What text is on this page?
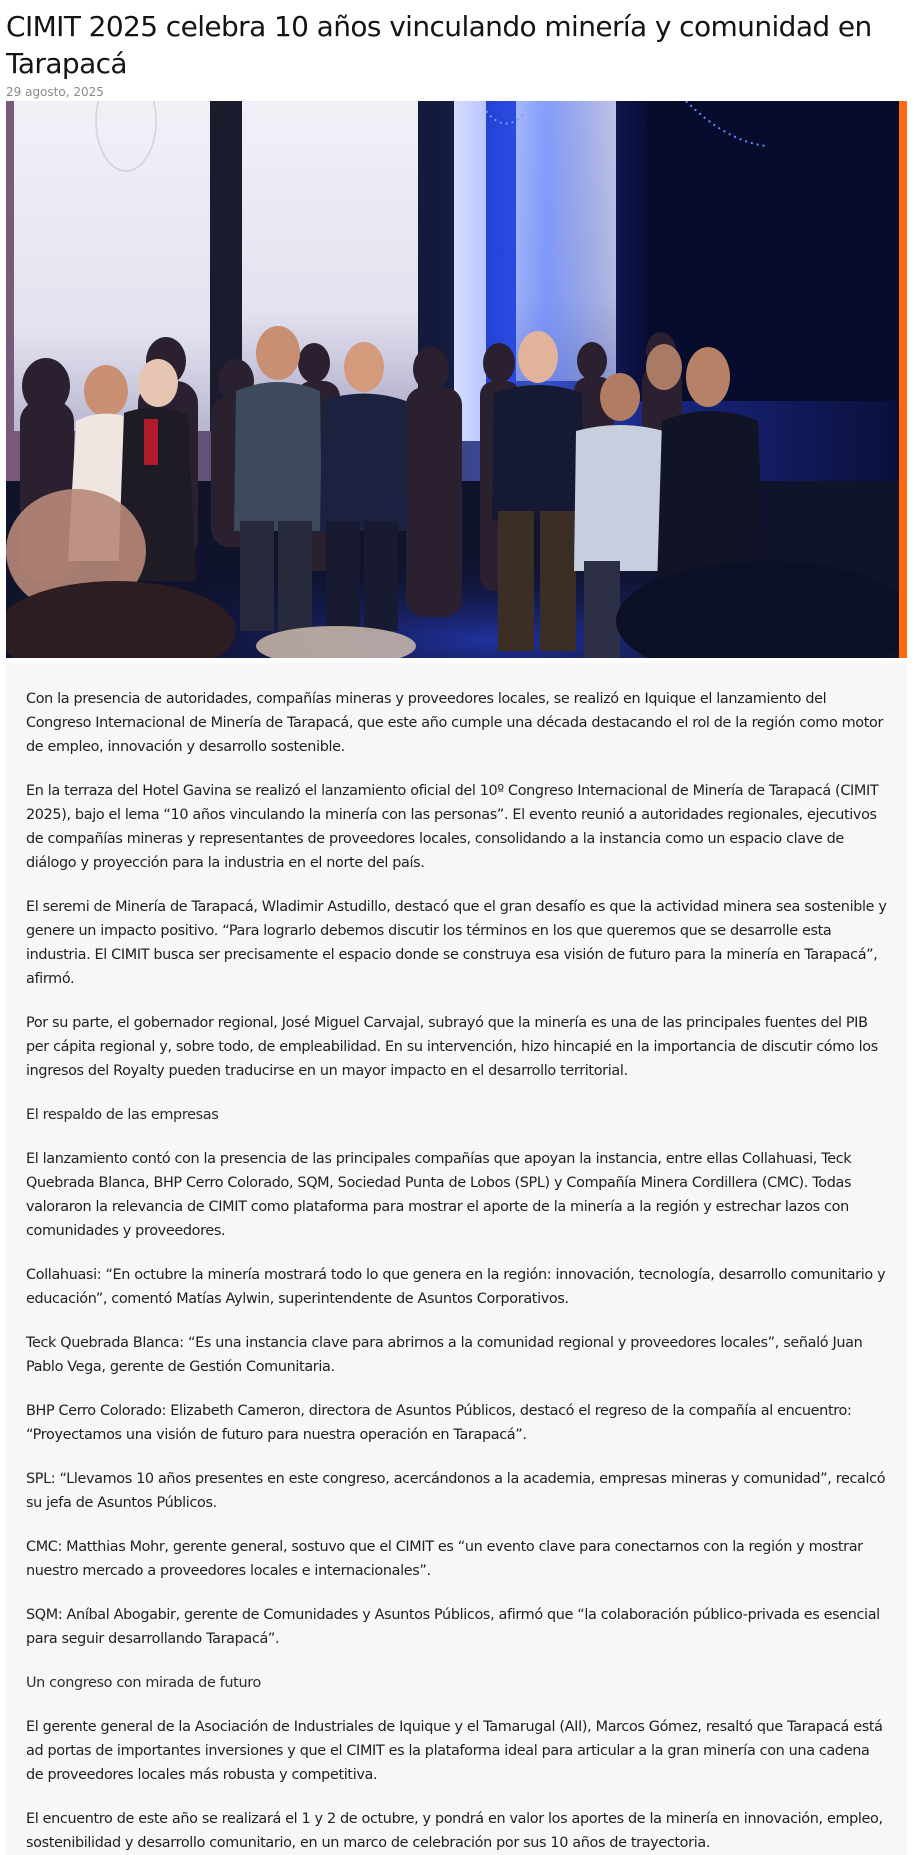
CIMIT 2025 celebra 10 años vinculando minería y comunidad en Tarapacá
29 agosto, 2025

Con la presencia de autoridades, compañías mineras y proveedores locales, se realizó en Iquique el lanzamiento del Congreso Internacional de Minería de Tarapacá, que este año cumple una década destacando el rol de la región como motor de empleo, innovación y desarrollo sostenible.

En la terraza del Hotel Gavina se realizó el lanzamiento oficial del 10º Congreso Internacional de Minería de Tarapacá (CIMIT 2025), bajo el lema “10 años vinculando la minería con las personas”. El evento reunió a autoridades regionales, ejecutivos de compañías mineras y representantes de proveedores locales, consolidando a la instancia como un espacio clave de diálogo y proyección para la industria en el norte del país.

El seremi de Minería de Tarapacá, Wladimir Astudillo, destacó que el gran desafío es que la actividad minera sea sostenible y genere un impacto positivo. “Para lograrlo debemos discutir los términos en los que queremos que se desarrolle esta industria. El CIMIT busca ser precisamente el espacio donde se construya esa visión de futuro para la minería en Tarapacá”, afirmó.

Por su parte, el gobernador regional, José Miguel Carvajal, subrayó que la minería es una de las principales fuentes del PIB per cápita regional y, sobre todo, de empleabilidad. En su intervención, hizo hincapié en la importancia de discutir cómo los ingresos del Royalty pueden traducirse en un mayor impacto en el desarrollo territorial.

El respaldo de las empresas

El lanzamiento contó con la presencia de las principales compañías que apoyan la instancia, entre ellas Collahuasi, Teck Quebrada Blanca, BHP Cerro Colorado, SQM, Sociedad Punta de Lobos (SPL) y Compañía Minera Cordillera (CMC). Todas valoraron la relevancia de CIMIT como plataforma para mostrar el aporte de la minería a la región y estrechar lazos con comunidades y proveedores.

Collahuasi: “En octubre la minería mostrará todo lo que genera en la región: innovación, tecnología, desarrollo comunitario y educación”, comentó Matías Aylwin, superintendente de Asuntos Corporativos.

Teck Quebrada Blanca: “Es una instancia clave para abrirnos a la comunidad regional y proveedores locales”, señaló Juan Pablo Vega, gerente de Gestión Comunitaria.

BHP Cerro Colorado: Elizabeth Cameron, directora de Asuntos Públicos, destacó el regreso de la compañía al encuentro: “Proyectamos una visión de futuro para nuestra operación en Tarapacá”.

SPL: “Llevamos 10 años presentes en este congreso, acercándonos a la academia, empresas mineras y comunidad”, recalcó su jefa de Asuntos Públicos.

CMC: Matthias Mohr, gerente general, sostuvo que el CIMIT es “un evento clave para conectarnos con la región y mostrar nuestro mercado a proveedores locales e internacionales”.

SQM: Aníbal Abogabir, gerente de Comunidades y Asuntos Públicos, afirmó que “la colaboración público-privada es esencial para seguir desarrollando Tarapacá”.

Un congreso con mirada de futuro

El gerente general de la Asociación de Industriales de Iquique y el Tamarugal (AII), Marcos Gómez, resaltó que Tarapacá está ad portas de importantes inversiones y que el CIMIT es la plataforma ideal para articular a la gran minería con una cadena de proveedores locales más robusta y competitiva.

El encuentro de este año se realizará el 1 y 2 de octubre, y pondrá en valor los aportes de la minería en innovación, empleo, sostenibilidad y desarrollo comunitario, en un marco de celebración por sus 10 años de trayectoria.
